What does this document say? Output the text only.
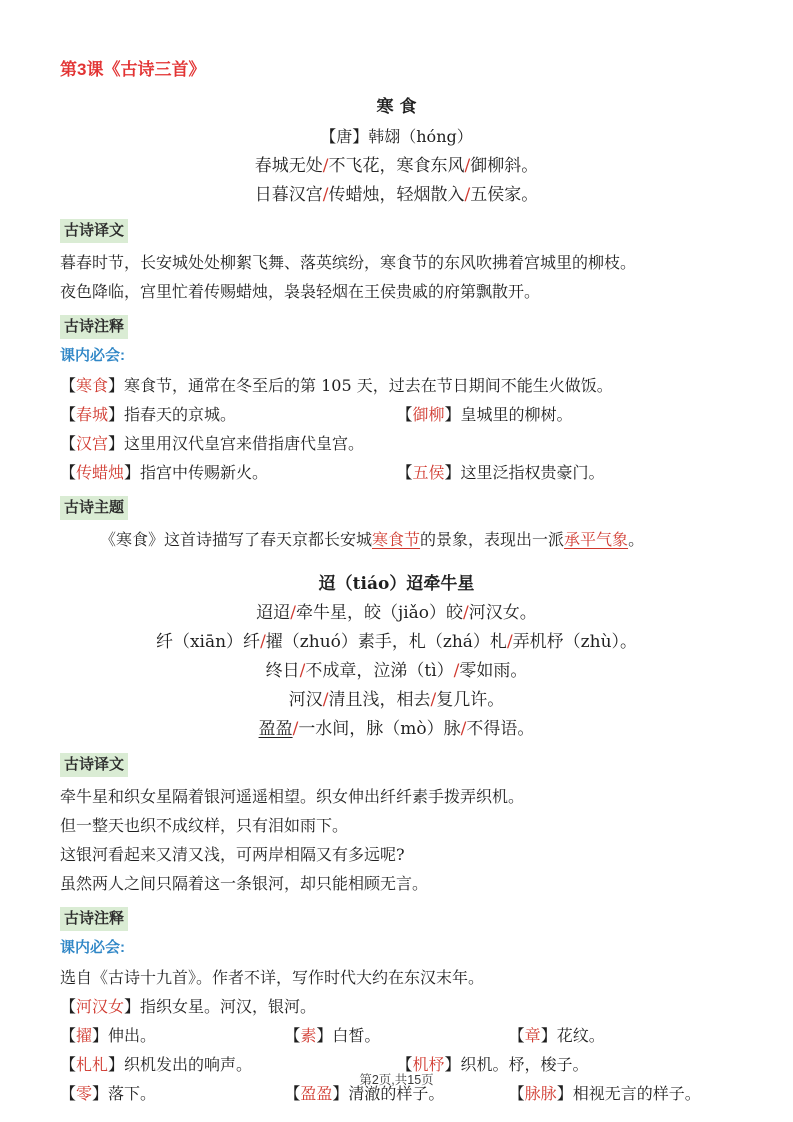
第3课《古诗三首》
寒 食
【唐】韩翃（hóng）
春城无处/不飞花，寒食东风/御柳斜。
日暮汉宫/传蜡烛，轻烟散入/五侯家。
古诗译文
暮春时节，长安城处处柳絮飞舞、落英缤纷，寒食节的东风吹拂着宫城里的柳枝。
夜色降临，宫里忙着传赐蜡烛，袅袅轻烟在王侯贵戚的府第飘散开。
古诗注释
课内必会:
【寒食】寒食节，通常在冬至后的第 105 天，过去在节日期间不能生火做饭。
【春城】指春天的京城。	【御柳】皇城里的柳树。
【汉宫】这里用汉代皇宫来借指唐代皇宫。
【传蜡烛】指宫中传赐新火。	【五侯】这里泛指权贵豪门。
古诗主题
《寒食》这首诗描写了春天京都长安城寒食节的景象，表现出一派承平气象。
迢（tiáo）迢牵牛星
迢迢/牵牛星，皎（jiǎo）皎/河汉女。
纤（xiān）纤/擢（zhuó）素手，札（zhá）札/弄机杼（zhù）。
终日/不成章，泣涕（tì）/零如雨。
河汉/清且浅，相去/复几许。
盈盈/一水间，脉（mò）脉/不得语。
古诗译文
牵牛星和织女星隔着银河遥遥相望。织女伸出纤纤素手拨弄织机。
但一整天也织不成纹样，只有泪如雨下。
这银河看起来又清又浅，可两岸相隔又有多远呢?
虽然两人之间只隔着这一条银河，却只能相顾无言。
古诗注释
课内必会:
选自《古诗十九首》。作者不详，写作时代大约在东汉末年。
【河汉女】指织女星。河汉，银河。
【擢】伸出。	【素】白皙。	【章】花纹。
【札札】织机发出的响声。	【机杼】织机。杼，梭子。
【零】落下。	【盈盈】清澈的样子。	【脉脉】相视无言的样子。
第2页,共15页
